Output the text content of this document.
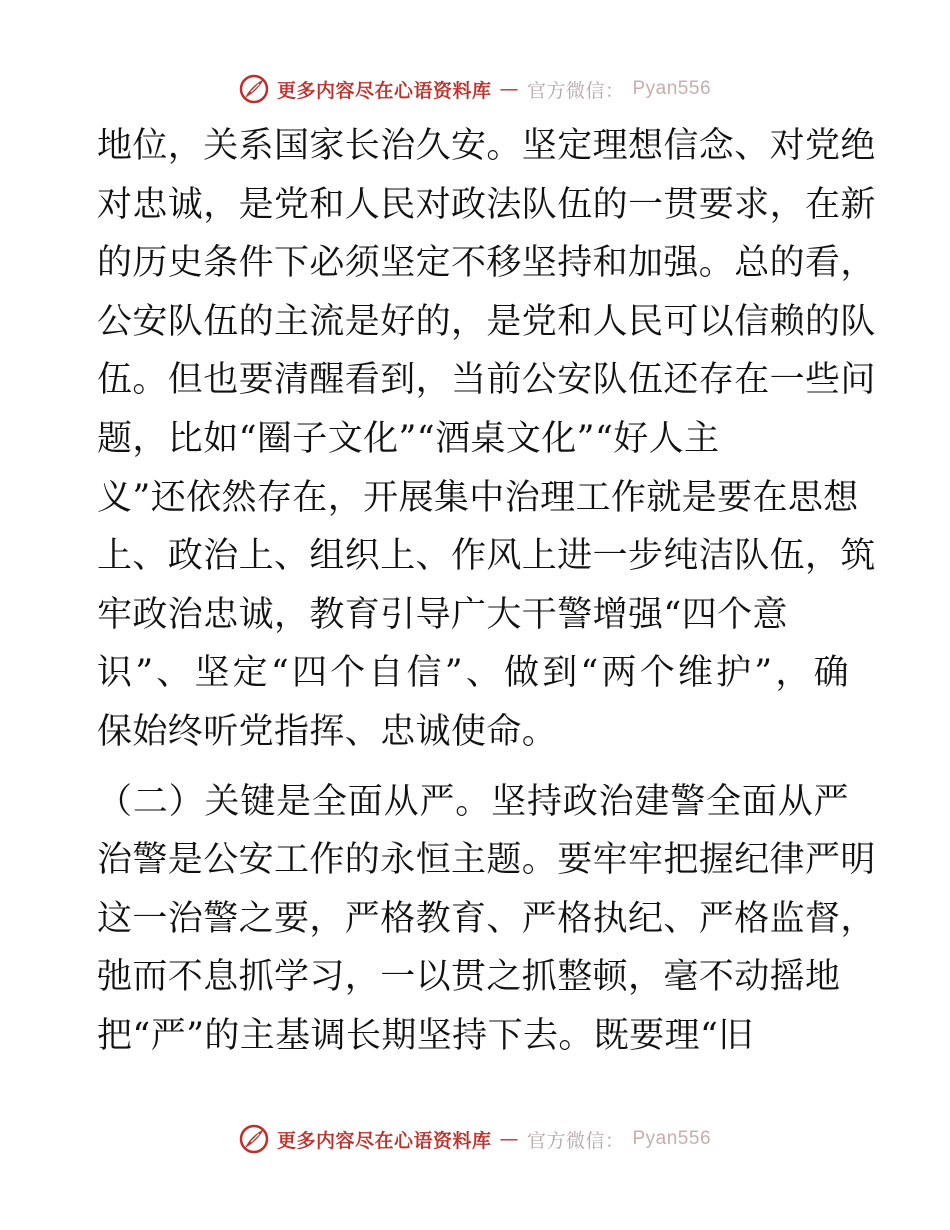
更多内容尽在心语资料库 — 官方微信： Pyan556

地位，关系国家长治久安。坚定理想信念、对党绝
对忠诚，是党和人民对政法队伍的一贯要求，在新
的历史条件下必须坚定不移坚持和加强。总的看，
公安队伍的主流是好的，是党和人民可以信赖的队
伍。但也要清醒看到，当前公安队伍还存在一些问
题，比如“圈子文化”“酒桌文化”“好人主
义”还依然存在，开展集中治理工作就是要在思想
上、政治上、组织上、作风上进一步纯洁队伍，筑
牢政治忠诚，教育引导广大干警增强“四个意
识”、坚定“四个自信”、做到“两个维护”，确
保始终听党指挥、忠诚使命。

（二）关键是全面从严。坚持政治建警全面从严
治警是公安工作的永恒主题。要牢牢把握纪律严明
这一治警之要，严格教育、严格执纪、严格监督，
弛而不息抓学习，一以贯之抓整顿，毫不动摇地
把“严”的主基调长期坚持下去。既要理“旧

更多内容尽在心语资料库 — 官方微信： Pyan556
